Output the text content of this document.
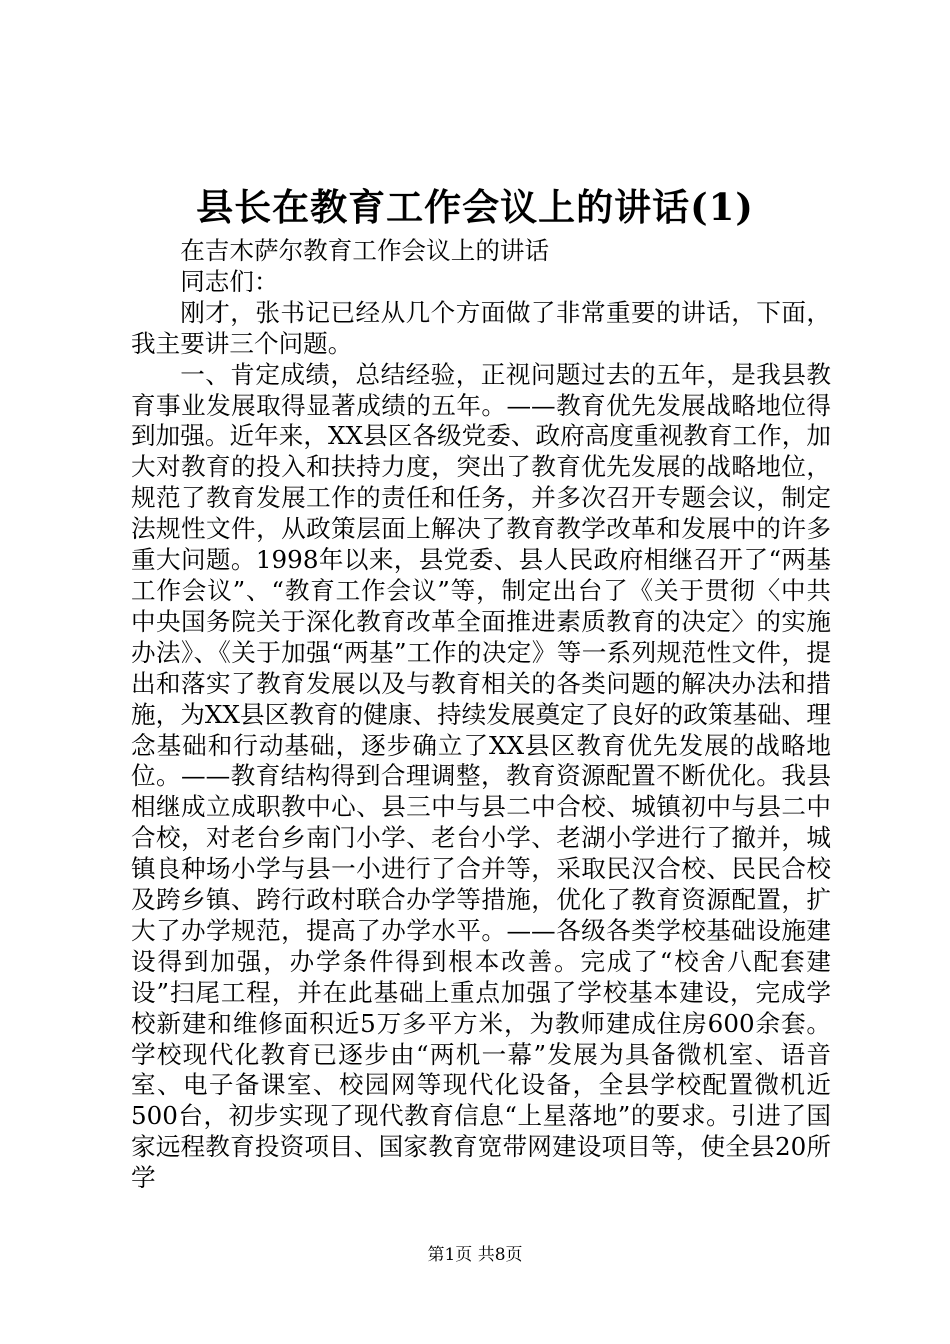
县长在教育工作会议上的讲话(1)

在吉木萨尔教育工作会议上的讲话

同志们：

刚才，张书记已经从几个方面做了非常重要的讲话，下面，我主要讲三个问题。

一、肯定成绩，总结经验，正视问题过去的五年，是我县教育事业发展取得显著成绩的五年。——教育优先发展战略地位得到加强。近年来，XX县区各级党委、政府高度重视教育工作，加大对教育的投入和扶持力度，突出了教育优先发展的战略地位，规范了教育发展工作的责任和任务，并多次召开专题会议，制定法规性文件，从政策层面上解决了教育教学改革和发展中的许多重大问题。1998年以来，县党委、县人民政府相继召开了“两基工作会议”、“教育工作会议”等，制定出台了《关于贯彻〈中共中央国务院关于深化教育改革全面推进素质教育的决定〉的实施办法》、《关于加强“两基”工作的决定》等一系列规范性文件，提出和落实了教育发展以及与教育相关的各类问题的解决办法和措施，为XX县区教育的健康、持续发展奠定了良好的政策基础、理念基础和行动基础，逐步确立了XX县区教育优先发展的战略地位。——教育结构得到合理调整，教育资源配置不断优化。我县相继成立成职教中心、县三中与县二中合校、城镇初中与县二中合校，对老台乡南门小学、老台小学、老湖小学进行了撤并，城镇良种场小学与县一小进行了合并等，采取民汉合校、民民合校及跨乡镇、跨行政村联合办学等措施，优化了教育资源配置，扩大了办学规范，提高了办学水平。——各级各类学校基础设施建设得到加强，办学条件得到根本改善。完成了“校舍八配套建设”扫尾工程，并在此基础上重点加强了学校基本建设，完成学校新建和维修面积近5万多平方米，为教师建成住房600余套。学校现代化教育已逐步由“两机一幕”发展为具备微机室、语音室、电子备课室、校园网等现代化设备，全县学校配置微机近500台，初步实现了现代教育信息“上星落地”的要求。引进了国家远程教育投资项目、国家教育宽带网建设项目等，使全县20所学

第1页 共8页
